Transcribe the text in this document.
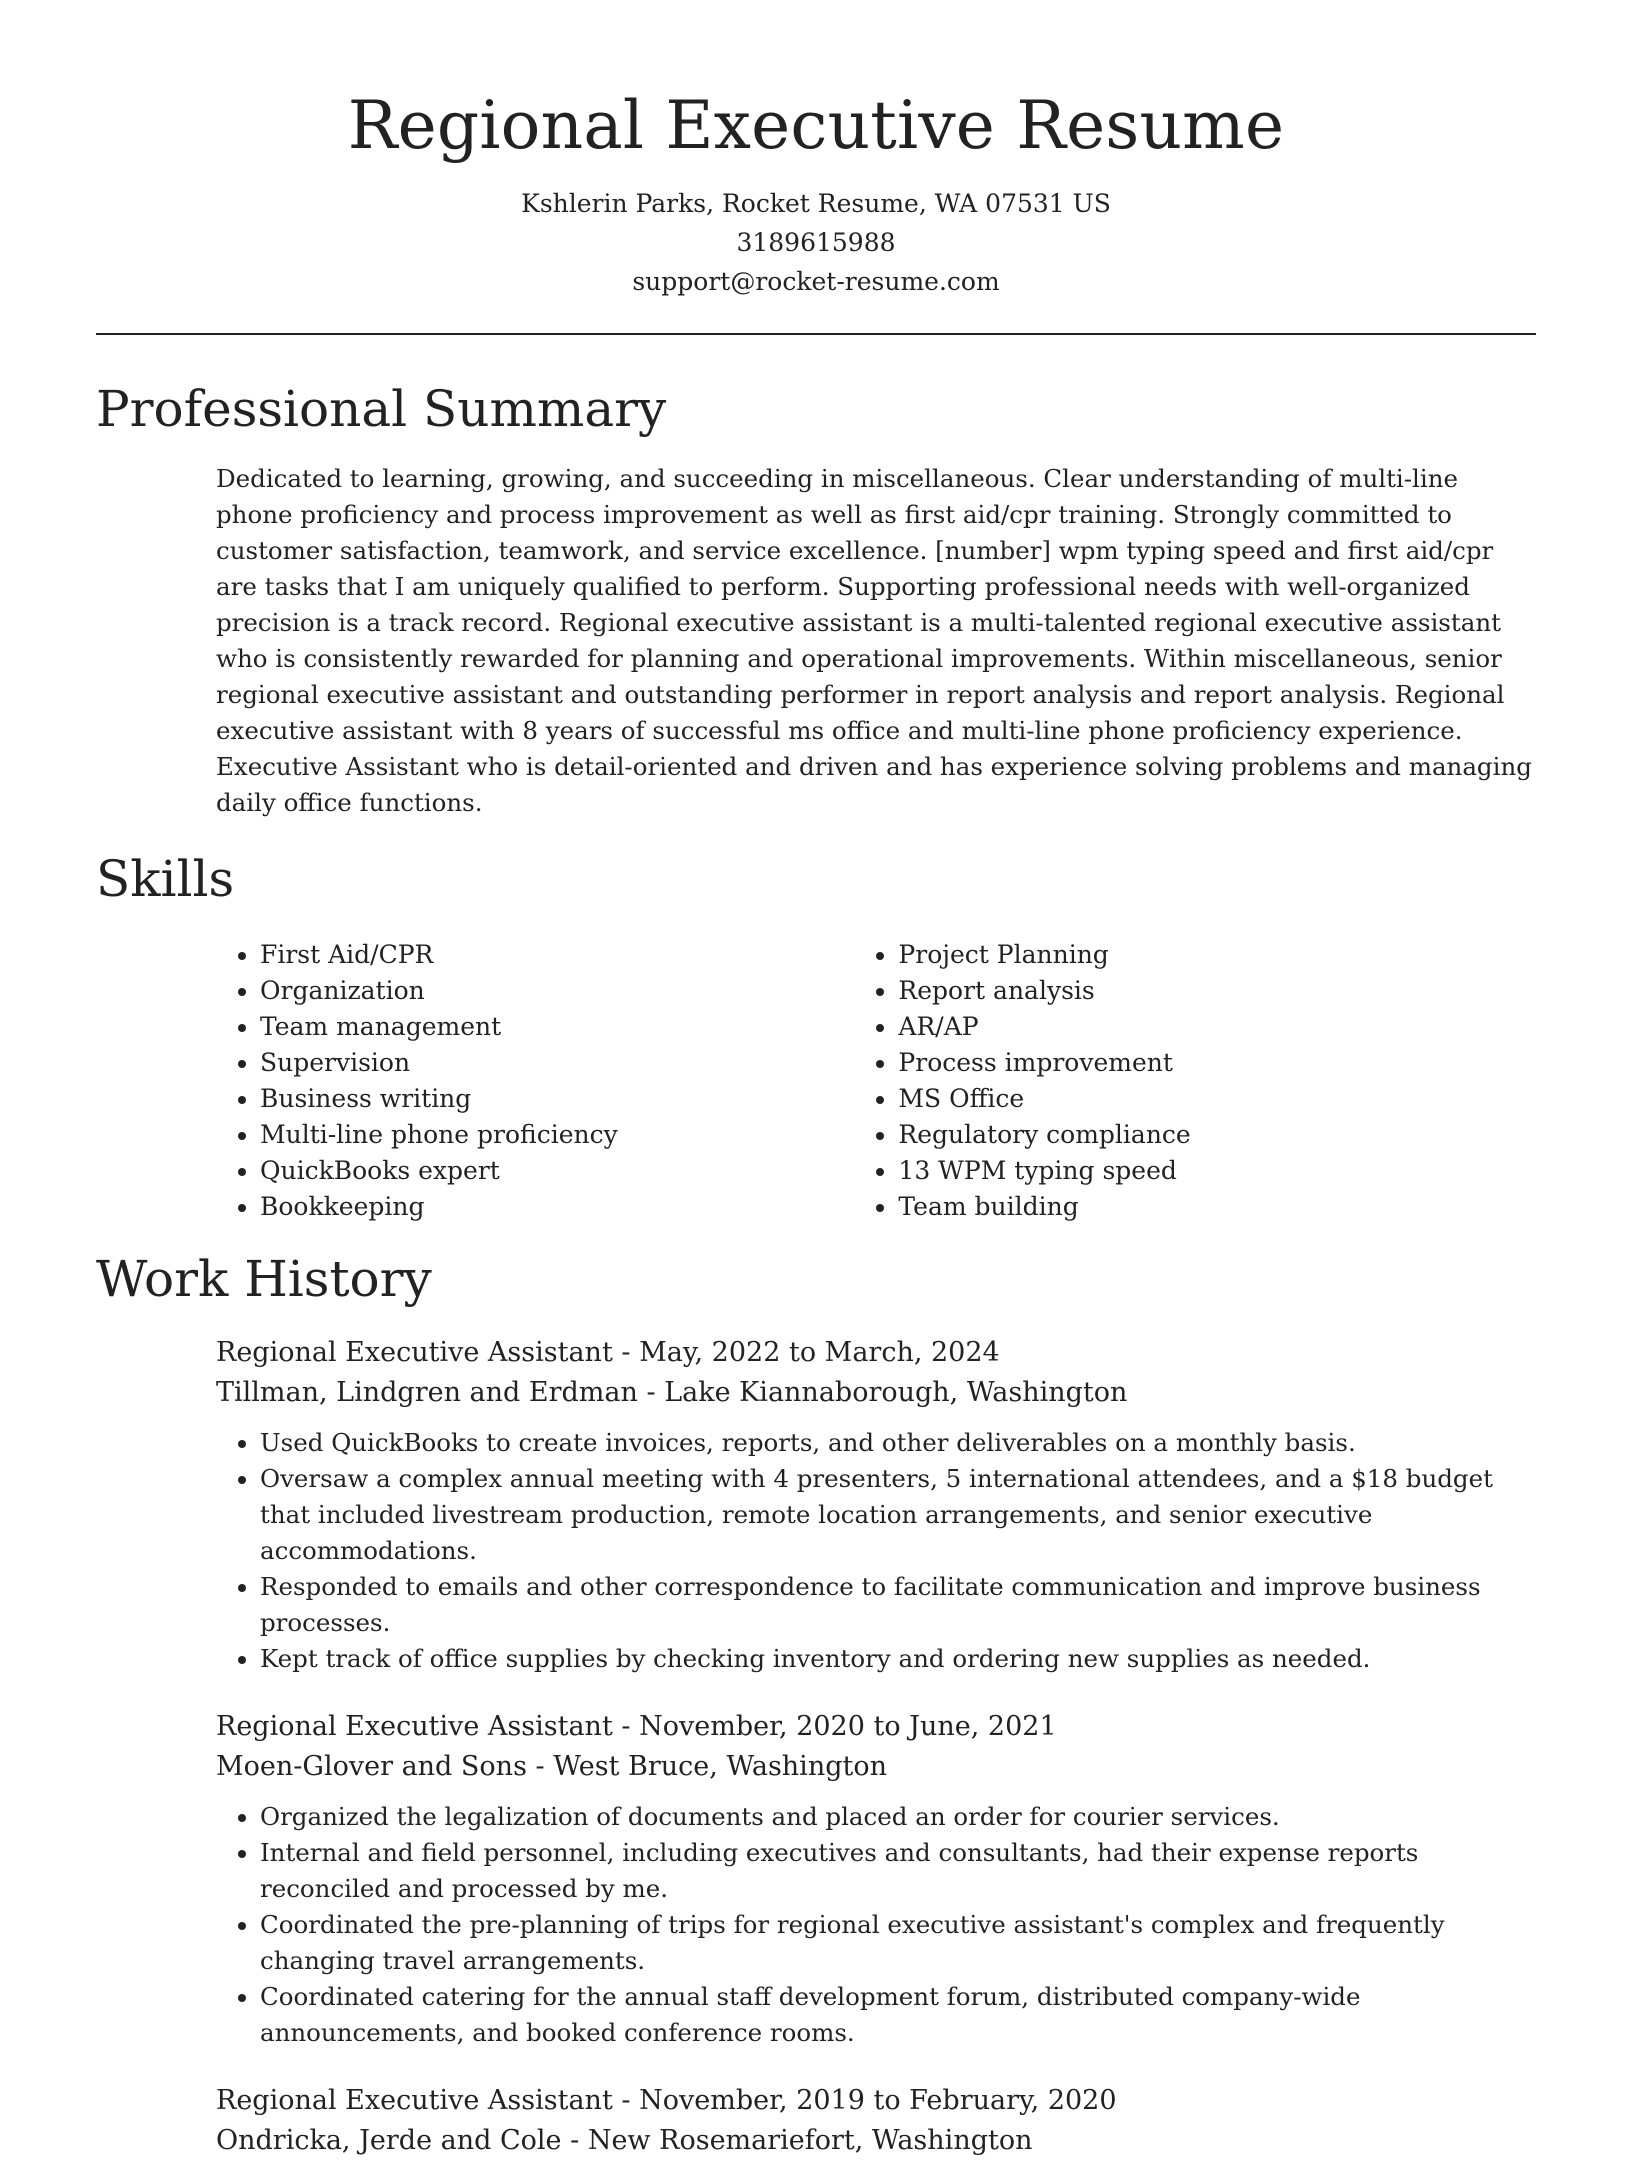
Regional Executive Resume
Kshlerin Parks, Rocket Resume, WA 07531 US
3189615988
support@rocket-resume.com
Professional Summary

Dedicated to learning, growing, and succeeding in miscellaneous. Clear understanding of multi-line phone proficiency and process improvement as well as first aid/cpr training. Strongly committed to customer satisfaction, teamwork, and service excellence. [number] wpm typing speed and first aid/cpr are tasks that I am uniquely qualified to perform. Supporting professional needs with well-organized precision is a track record. Regional executive assistant is a multi-talented regional executive assistant who is consistently rewarded for planning and operational improvements. Within miscellaneous, senior regional executive assistant and outstanding performer in report analysis and report analysis. Regional executive assistant with 8 years of successful ms office and multi-line phone proficiency experience. Executive Assistant who is detail-oriented and driven and has experience solving problems and managing daily office functions.

Skills
• First Aid/CPR
• Organization
• Team management
• Supervision
• Business writing
• Multi-line phone proficiency
• QuickBooks expert
• Bookkeeping
• Project Planning
• Report analysis
• AR/AP
• Process improvement
• MS Office
• Regulatory compliance
• 13 WPM typing speed
• Team building
Work History
Regional Executive Assistant - May, 2022 to March, 2024
Tillman, Lindgren and Erdman - Lake Kiannaborough, Washington
• Used QuickBooks to create invoices, reports, and other deliverables on a monthly basis.
• Oversaw a complex annual meeting with 4 presenters, 5 international attendees, and a $18 budget that included livestream production, remote location arrangements, and senior executive accommodations.
• Responded to emails and other correspondence to facilitate communication and improve business processes.
• Kept track of office supplies by checking inventory and ordering new supplies as needed.
Regional Executive Assistant - November, 2020 to June, 2021
Moen-Glover and Sons - West Bruce, Washington
• Organized the legalization of documents and placed an order for courier services.
• Internal and field personnel, including executives and consultants, had their expense reports reconciled and processed by me.
• Coordinated the pre-planning of trips for regional executive assistant's complex and frequently changing travel arrangements.
• Coordinated catering for the annual staff development forum, distributed company-wide announcements, and booked conference rooms.
Regional Executive Assistant - November, 2019 to February, 2020
Ondricka, Jerde and Cole - New Rosemariefort, Washington
